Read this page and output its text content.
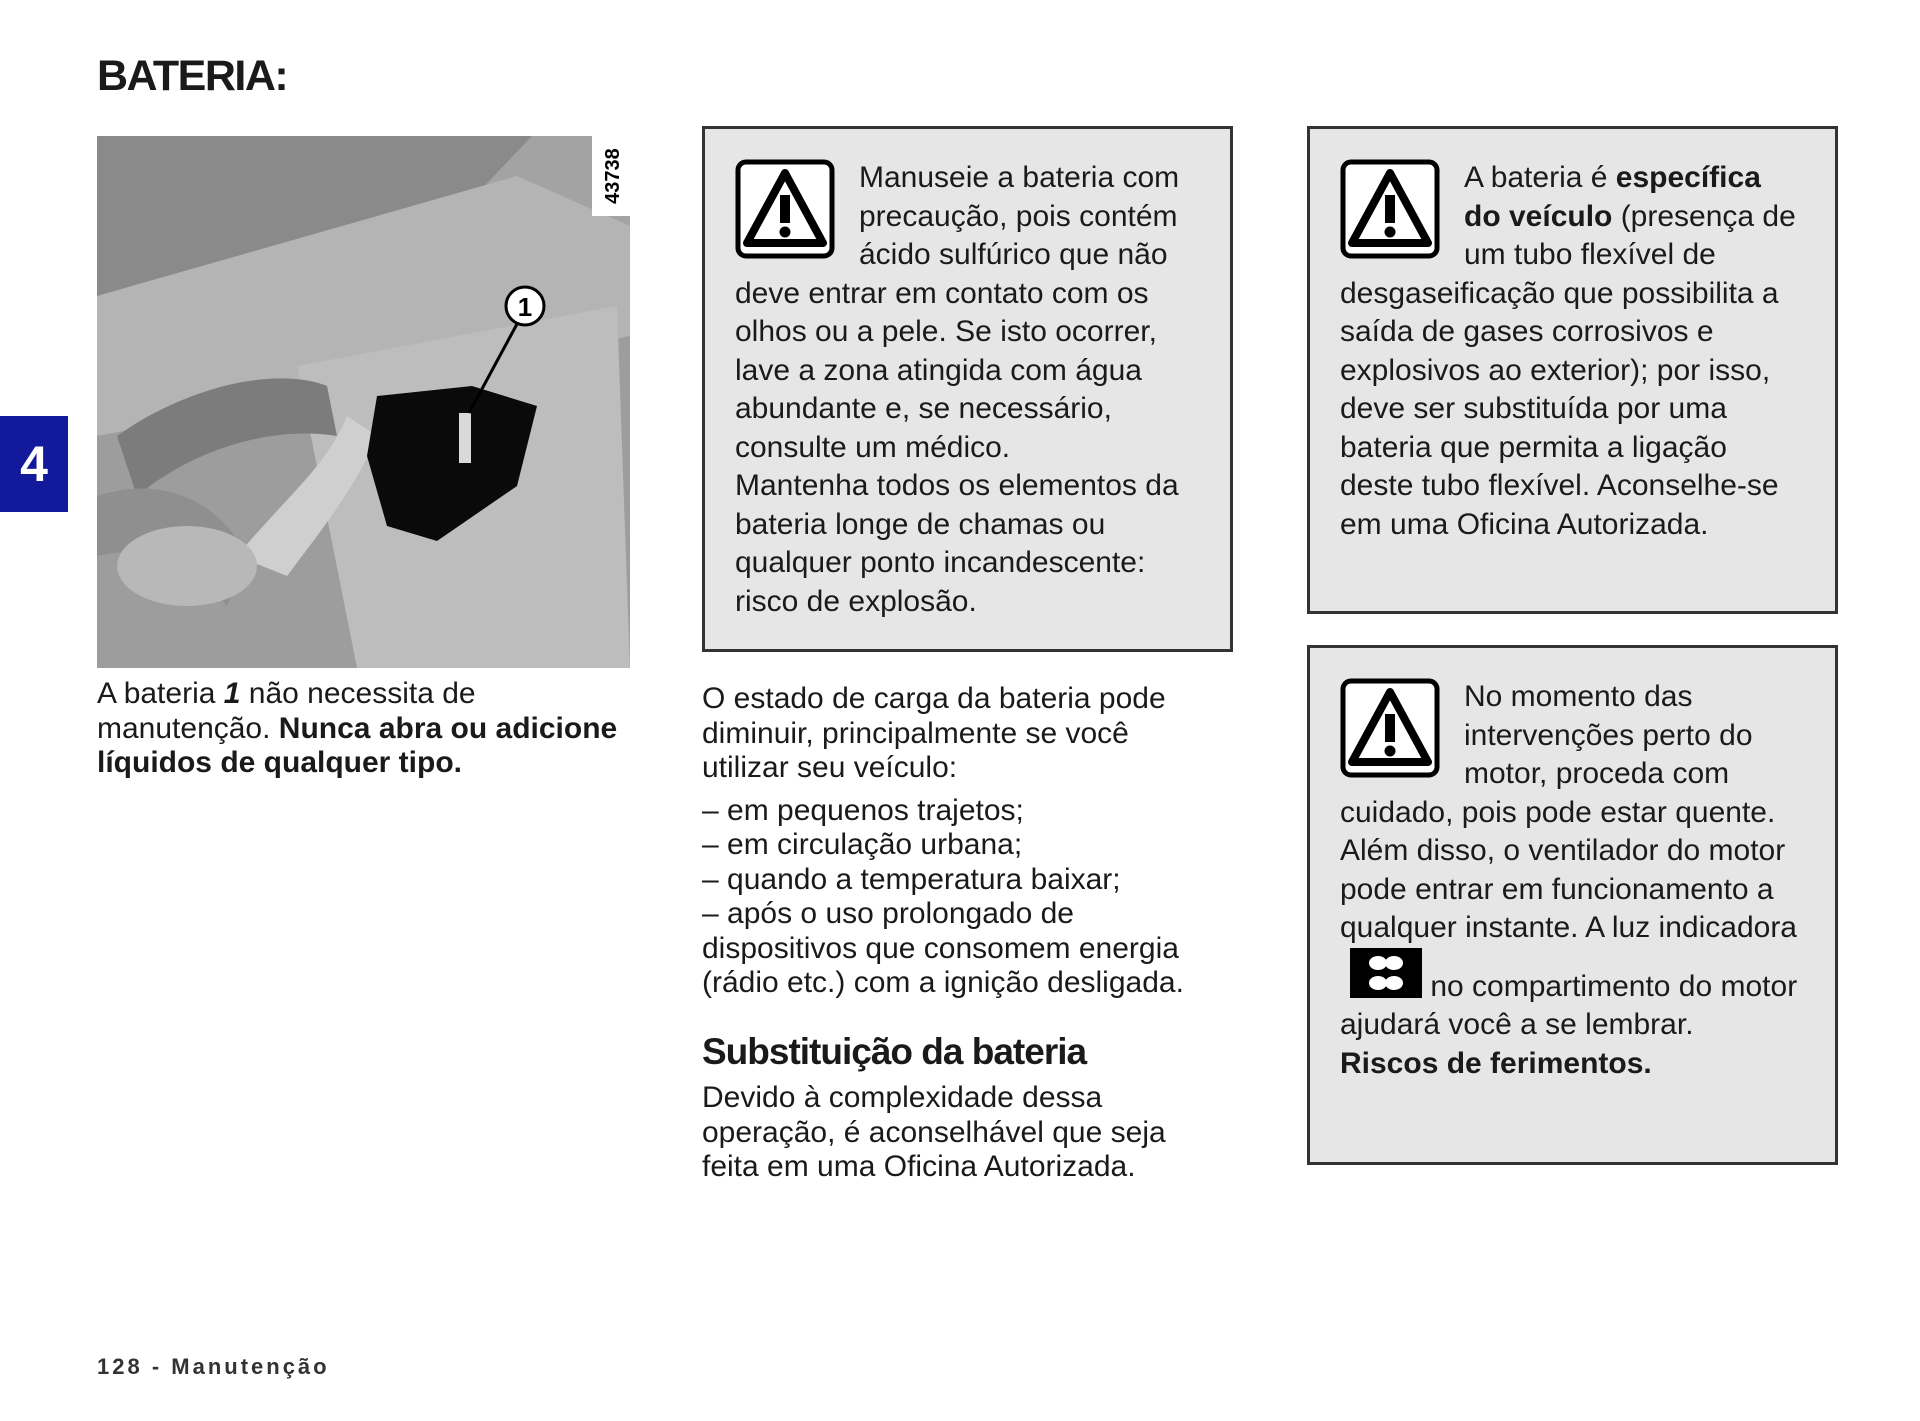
BATERIA:
4
1
43738

A bateria 1 não necessita de manutenção. Nunca abra ou adicione líquidos de qualquer tipo.

Manuseie a bateria com precaução, pois contém ácido sulfúrico que não deve entrar em contato com os olhos ou a pele. Se isto ocorrer, lave a zona atingida com água abundante e, se necessário, consulte um médico.

Mantenha todos os elementos da bateria longe de chamas ou qualquer ponto incandescente: risco de explosão.

O estado de carga da bateria pode diminuir, principalmente se você utilizar seu veículo:

– em pequenos trajetos;
– em circulação urbana;
– quando a temperatura baixar;
– após o uso prolongado de dispositivos que consomem energia (rádio etc.) com a ignição desligada.
Substituição da bateria

Devido à complexidade dessa operação, é aconselhável que seja feita em uma Oficina Autorizada.

A bateria é específica do veículo (presença de um tubo flexível de desgaseificação que possibilita a saída de gases corrosivos e explosivos ao exterior); por isso, deve ser substituída por uma bateria que permita a ligação deste tubo flexível. Aconselhe-se em uma Oficina Autorizada.

No momento das intervenções perto do motor, proceda com cuidado, pois pode estar quente. Além disso, o ventilador do motor pode entrar em funcionamento a qualquer instante. A luz indicadora no compartimento do motor ajudará você a se lembrar.
Riscos de ferimentos.

128 - Manutenção
